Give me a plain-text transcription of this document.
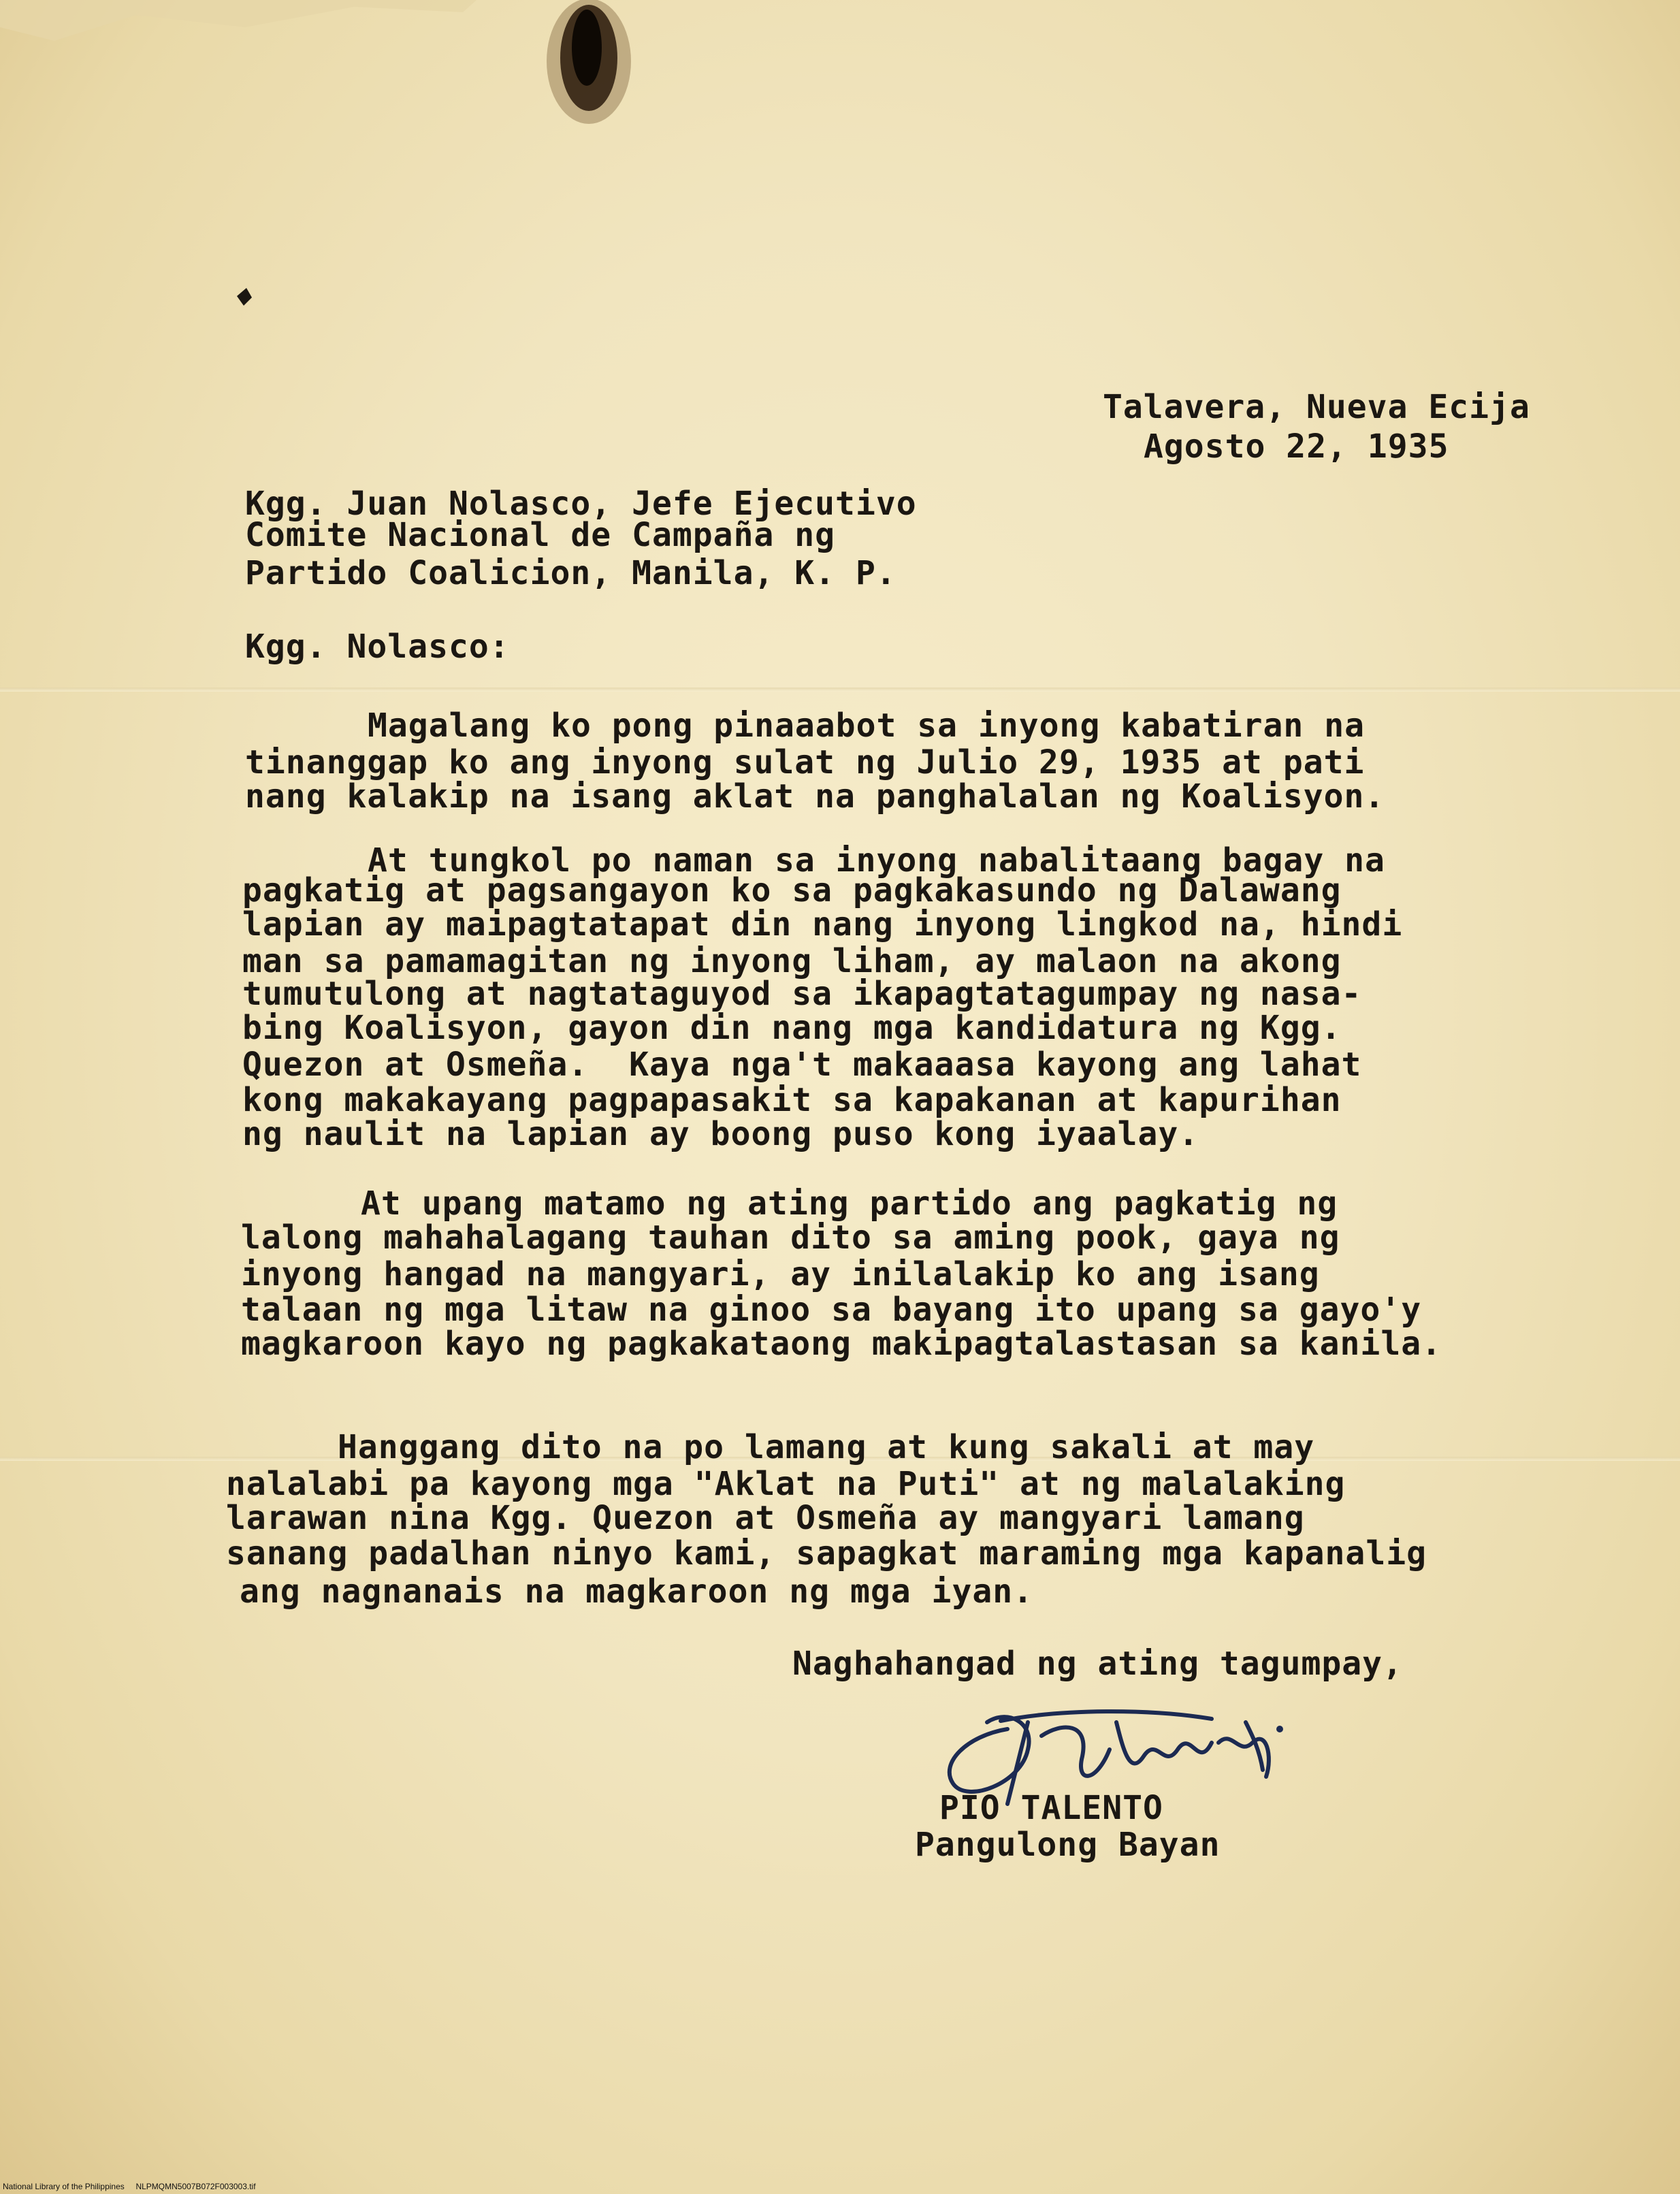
Talavera, Nueva Ecija
Agosto 22, 1935
Kgg. Juan Nolasco, Jefe Ejecutivo
Comite Nacional de Campaña ng
Partido Coalicion, Manila, K. P.
Kgg. Nolasco:
Magalang ko pong pinaaabot sa inyong kabatiran na
tinanggap ko ang inyong sulat ng Julio 29, 1935 at pati
nang kalakip na isang aklat na panghalalan ng Koalisyon.
At tungkol po naman sa inyong nabalitaang bagay na
pagkatig at pagsangayon ko sa pagkakasundo ng Dalawang
lapian ay maipagtatapat din nang inyong lingkod na, hindi
man sa pamamagitan ng inyong liham, ay malaon na akong
tumutulong at nagtataguyod sa ikapagtatagumpay ng nasa-
bing Koalisyon, gayon din nang mga kandidatura ng Kgg.
Quezon at Osmeña.  Kaya nga't makaaasa kayong ang lahat
kong makakayang pagpapasakit sa kapakanan at kapurihan
ng naulit na lapian ay boong puso kong iyaalay.
At upang matamo ng ating partido ang pagkatig ng
lalong mahahalagang tauhan dito sa aming pook, gaya ng
inyong hangad na mangyari, ay inilalakip ko ang isang
talaan ng mga litaw na ginoo sa bayang ito upang sa gayo'y
magkaroon kayo ng pagkakataong makipagtalastasan sa kanila.
Hanggang dito na po lamang at kung sakali at may
nalalabi pa kayong mga "Aklat na Puti" at ng malalaking
larawan nina Kgg. Quezon at Osmeña ay mangyari lamang
sanang padalhan ninyo kami, sapagkat maraming mga kapanalig
ang nagnanais na magkaroon ng mga iyan.
Naghahangad ng ating tagumpay,
PIO TALENTO
Pangulong Bayan
National Library of the Philippines NLPMQMN5007B072F003003.tif
